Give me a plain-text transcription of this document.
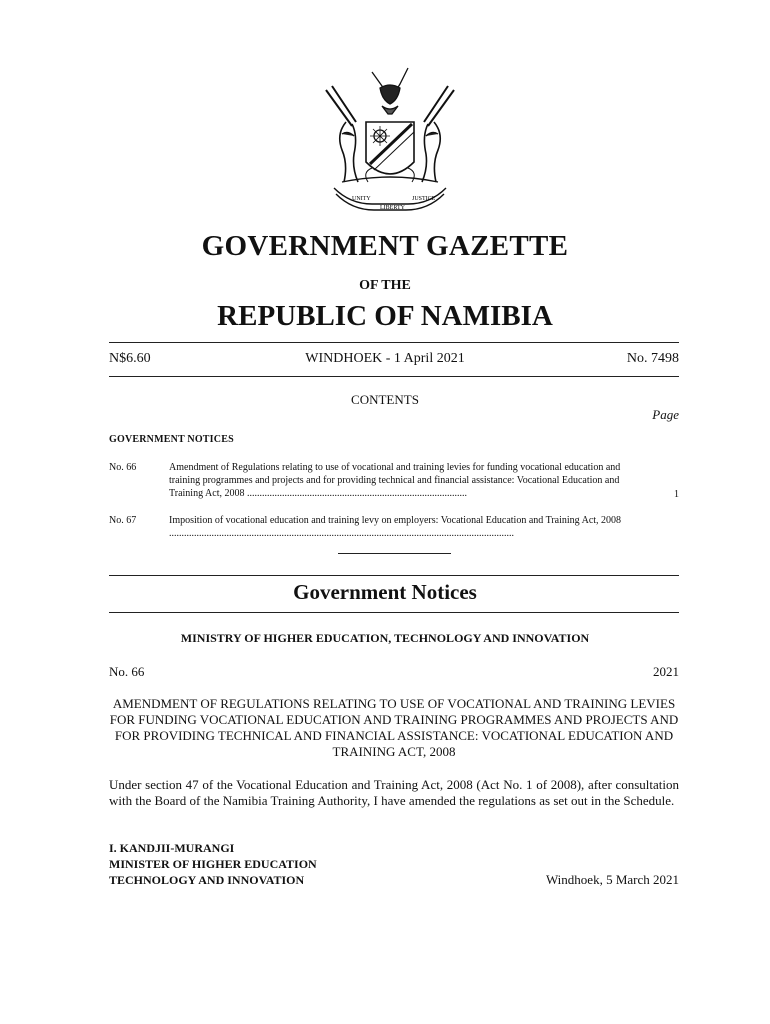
UNITY
LIBERTY
JUSTICE
GOVERNMENT GAZETTE
OF THE
REPUBLIC OF NAMIBIA
N$6.60	WINDHOEK - 1 April 2021	No. 7498
CONTENTS
Page
GOVERNMENT NOTICES
No. 66	Amendment of Regulations relating to use of vocational and training levies for funding vocational education and training programmes and projects and for providing technical and financial assistance: Vocational Education and Training Act, 2008 ........................................................................................	1
No. 67	Imposition of vocational education and training levy on employers: Vocational Education and Training Act, 2008 ..........................................................................................................................................
Government Notices
MINISTRY OF HIGHER EDUCATION, TECHNOLOGY AND INNOVATION
No. 66	2021
AMENDMENT OF REGULATIONS RELATING TO USE OF VOCATIONAL AND TRAINING LEVIES FOR FUNDING VOCATIONAL EDUCATION AND TRAINING PROGRAMMES AND PROJECTS AND FOR PROVIDING TECHNICAL AND FINANCIAL ASSISTANCE: VOCATIONAL EDUCATION AND TRAINING ACT, 2008
Under section 47 of the Vocational Education and Training Act, 2008 (Act No. 1 of 2008), after consultation with the Board of the Namibia Training Authority, I have amended the regulations as set out in the Schedule.
I. KANDJII-MURANGI
MINISTER OF HIGHER EDUCATION
TECHNOLOGY AND INNOVATION	Windhoek, 5 March 2021
